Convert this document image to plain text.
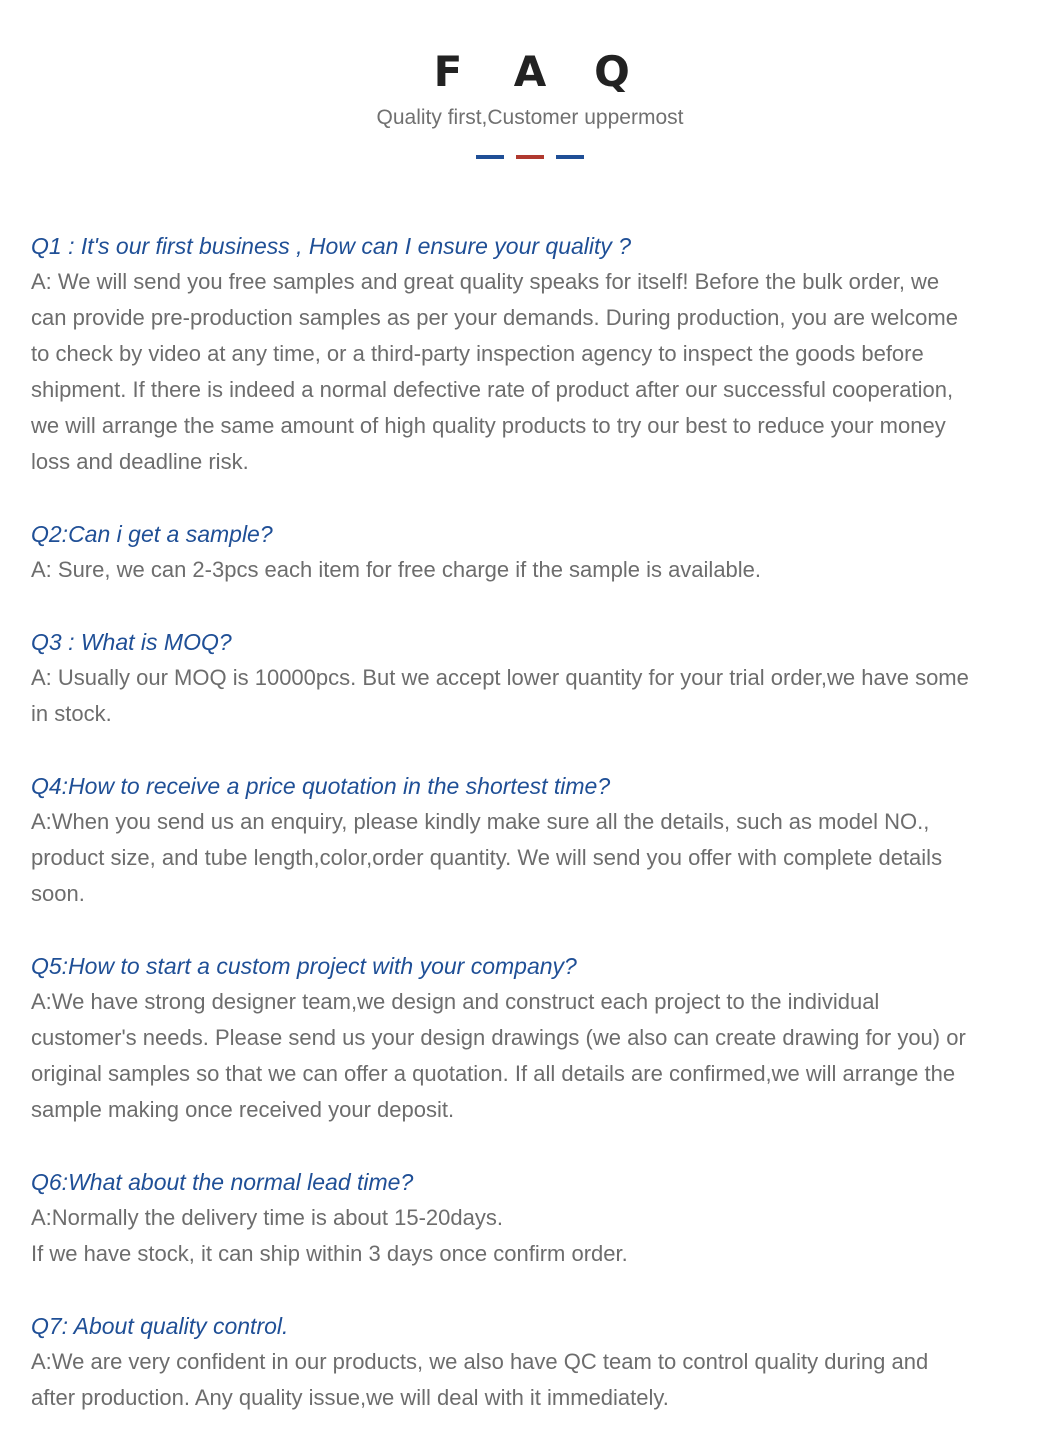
F A Q
Quality first,Customer uppermost
Q1 : It's our first business , How can I ensure your quality ?
A: We will send you free samples and great quality speaks for itself! Before the bulk order, we
can provide pre-production samples as per your demands. During production, you are welcome
to check by video at any time, or a third-party inspection agency to inspect the goods before
shipment. If there is indeed a normal defective rate of product after our successful cooperation,
we will arrange the same amount of high quality products to try our best to reduce your money
loss and deadline risk.
Q2:Can i get a sample?
A: Sure, we can 2-3pcs each item for free charge if the sample is available.
Q3 : What is MOQ?
A: Usually our MOQ is 10000pcs. But we accept lower quantity for your trial order,we have some
in stock.
Q4:How to receive a price quotation in the shortest time?
A:When you send us an enquiry, please kindly make sure all the details, such as model NO.,
product size, and tube length,color,order quantity. We will send you offer with complete details
soon.
Q5:How to start a custom project with your company?
A:We have strong designer team,we design and construct each project to the individual
customer's needs. Please send us your design drawings (we also can create drawing for you) or
original samples so that we can offer a quotation. If all details are confirmed,we will arrange the
sample making once received your deposit.
Q6:What about the normal lead time?
A:Normally the delivery time is about 15-20days.
If we have stock, it can ship within 3 days once confirm order.
Q7: About quality control.
A:We are very confident in our products, we also have QC team to control quality during and
after production. Any quality issue,we will deal with it immediately.
